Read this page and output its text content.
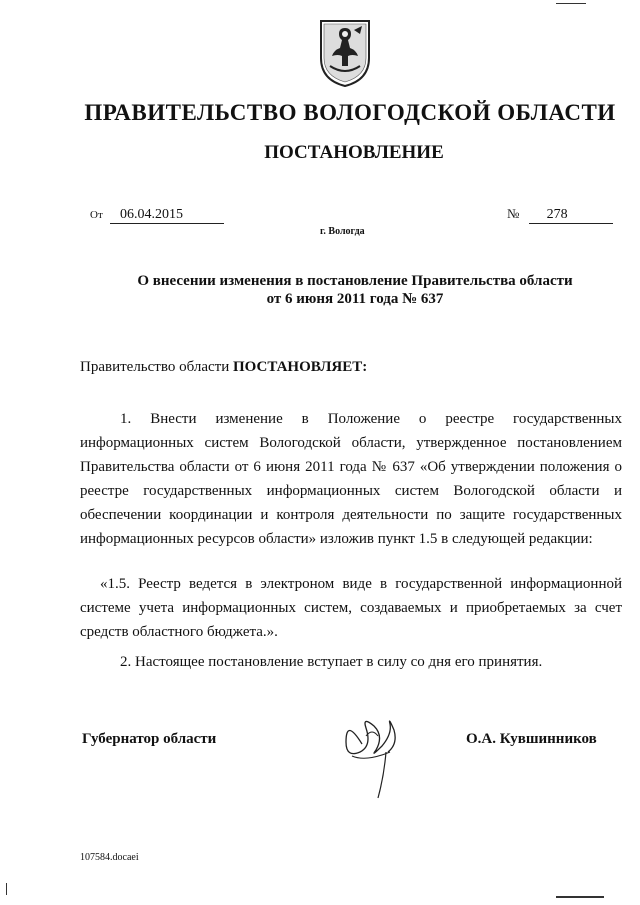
ПРАВИТЕЛЬСТВО ВОЛОГОДСКОЙ ОБЛАСТИ
ПОСТАНОВЛЕНИЕ
От 06.04.2015	№ 278
г. Вологда
О внесении изменения в постановление Правительства области
от 6 июня 2011 года № 637
Правительство области ПОСТАНОВЛЯЕТ:
1. Внести изменение в Положение о реестре государственных информационных систем Вологодской области, утвержденное постановлением Правительства области от 6 июня 2011 года № 637 «Об утверждении положения о реестре государственных информационных систем Вологодской области и обеспечении координации и контроля деятельности по защите государственных информационных ресурсов области» изложив пункт 1.5 в следующей редакции:
«1.5. Реестр ведется в электроном виде в государственной информационной системе учета информационных систем, создаваемых и приобретаемых за счет средств областного бюджета.».
2. Настоящее постановление вступает в силу со дня его принятия.
Губернатор области	О.А. Кувшинников
107584.docaei
